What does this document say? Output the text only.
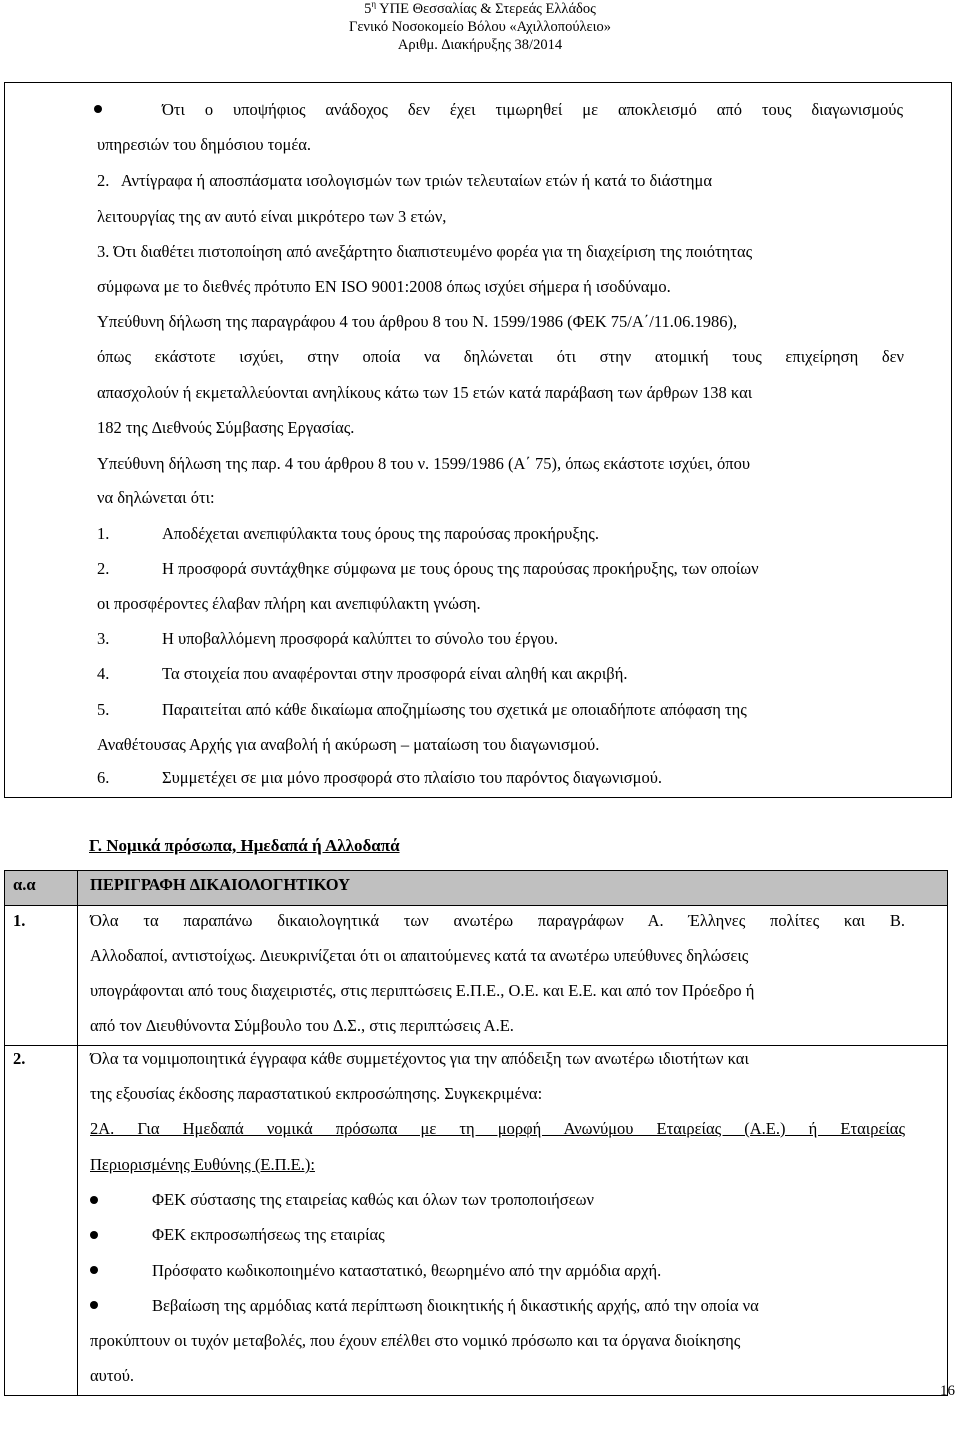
$5^\eta$ ΥΠΕ Θεσσαλίας & Στερεάς Ελλάδος
Γενικό Νοσοκομείο Βόλου «Αχιλλοπούλειο»
Αριθμ. ∆ιακήρυξης 38/2014
Ότι ο υποψήφιος ανάδοχος δεν έχει τιμωρηθεί με αποκλεισμό από τους διαγωνισμούς
υπηρεσιών του δημόσιου τομέα.
2.   Αντίγραφα ή αποσπάσματα ισολογισμών των τριών τελευταίων ετών ή κατά το διάστημα
λειτουργίας της αν αυτό είναι μικρότερο των 3 ετών,
3. Ότι διαθέτει πιστοποίηση από ανεξάρτητο διαπιστευμένο φορέα για τη διαχείριση της ποιότητας
σύμφωνα με το διεθνές πρότυπο EN ISO 9001:2008 όπως ισχύει σήμερα ή ισοδύναμο.
Υπεύθυνη δήλωση της παραγράφου 4 του άρθρου 8 του Ν. 1599/1986 (ΦΕΚ 75/Α΄/11.06.1986),
όπως εκάστοτε ισχύει, στην οποία να δηλώνεται ότι στην ατομική τους επιχείρηση δεν
απασχολούν ή εκμεταλλεύονται ανηλίκους κάτω των 15 ετών κατά παράβαση των άρθρων 138 και
182 της ∆ιεθνούς Σύμβασης Εργασίας.
Υπεύθυνη δήλωση της παρ. 4 του άρθρου 8 του ν. 1599/1986 (Α΄ 75), όπως εκάστοτε ισχύει, όπου
να δηλώνεται ότι:
1.	Αποδέχεται ανεπιφύλακτα τους όρους της παρούσας προκήρυξης.
2.	Η προσφορά συντάχθηκε σύμφωνα με τους όρους της παρούσας προκήρυξης, των οποίων
οι προσφέροντες έλαβαν πλήρη και ανεπιφύλακτη γνώση.
3.	Η υποβαλλόμενη προσφορά καλύπτει το σύνολο του έργου.
4.	Τα στοιχεία που αναφέρονται στην προσφορά είναι αληθή και ακριβή.
5.	Παραιτείται από κάθε δικαίωμα αποζημίωσης του σχετικά με οποιαδήποτε απόφαση της
Αναθέτουσας Αρχής για αναβολή ή ακύρωση – ματαίωση του διαγωνισμού.
6.	Συμμετέχει σε μια μόνο προσφορά στο πλαίσιο του παρόντος διαγωνισμού.
Γ. Νομικά πρόσωπα, Ημεδαπά ή Αλλοδαπά
α.α	ΠΕΡΙΓΡΑΦΗ ∆ΙΚΑΙΟΛΟΓΗΤΙΚΟΥ
1.	Όλα τα παραπάνω δικαιολογητικά των ανωτέρω παραγράφων Α. Έλληνες πολίτες και Β.
Αλλοδαποί, αντιστοίχως. ∆ιευκρινίζεται ότι οι απαιτούμενες κατά τα ανωτέρω υπεύθυνες δηλώσεις
υπογράφονται από τους διαχειριστές, στις περιπτώσεις Ε.Π.Ε., Ο.Ε. και Ε.Ε. και από τον Πρόεδρο ή
από τον ∆ιευθύνοντα Σύμβουλο του ∆.Σ., στις περιπτώσεις Α.Ε.
2.	Όλα τα νομιμοποιητικά έγγραφα κάθε συμμετέχοντος για την απόδειξη των ανωτέρω ιδιοτήτων και
της εξουσίας έκδοσης παραστατικού εκπροσώπησης. Συγκεκριμένα:
2Α. Για Ημεδαπά νομικά πρόσωπα με τη μορφή Ανωνύμου Εταιρείας (Α.Ε.) ή Εταιρείας
Περιορισμένης Ευθύνης (Ε.Π.Ε.):
ΦΕΚ σύστασης της εταιρείας καθώς και όλων των τροποποιήσεων
ΦΕΚ εκπροσωπήσεως της εταιρίας
Πρόσφατο κωδικοποιημένο καταστατικό, θεωρημένο από την αρμόδια αρχή.
Βεβαίωση της αρμόδιας κατά περίπτωση διοικητικής ή δικαστικής αρχής, από την οποία να
προκύπτουν οι τυχόν μεταβολές, που έχουν επέλθει στο νομικό πρόσωπο και τα όργανα διοίκησης
αυτού.
16
